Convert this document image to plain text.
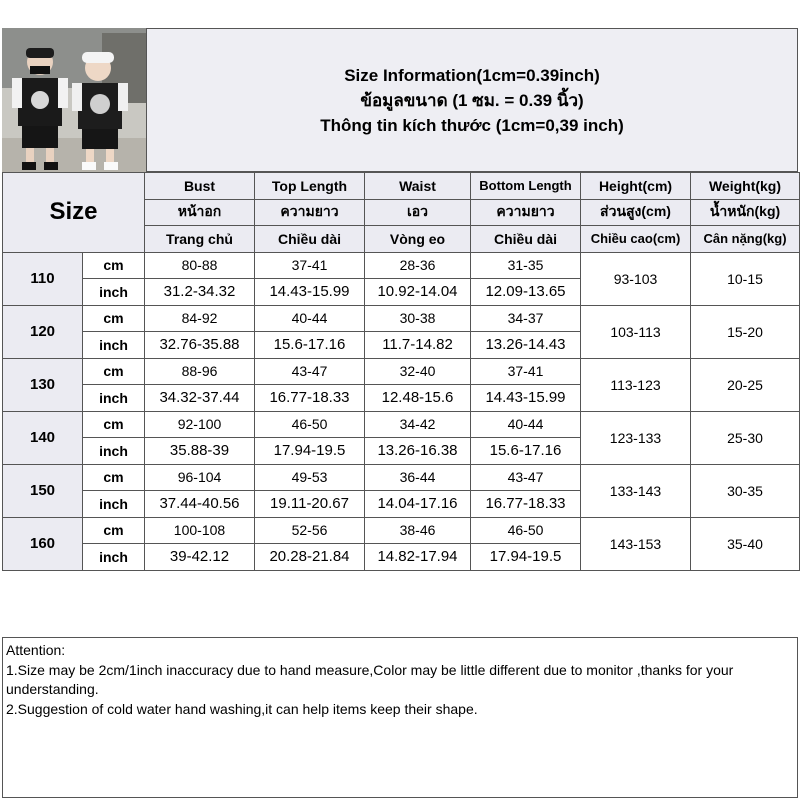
Size Information(1cm=0.39inch)
ข้อมูลขนาด (1 ซม. = 0.39 นิ้ว)
Thông tin kích thước (1cm=0,39 inch)
Size		Bust	Top Length	Waist	Bottom Length	Height(cm)	Weight(kg)
		หน้าอก	ความยาว	เอว	ความยาว	ส่วนสูง(cm)	น้ำหนัก(kg)
		Trang chủ	Chiều dài	Vòng eo	Chiều dài	Chiều cao(cm)	Cân nặng(kg)
110	cm	80-88	37-41	28-36	31-35	93-103	10-15
	inch	31.2-34.32	14.43-15.99	10.92-14.04	12.09-13.65		
120	cm	84-92	40-44	30-38	34-37	103-113	15-20
	inch	32.76-35.88	15.6-17.16	11.7-14.82	13.26-14.43		
130	cm	88-96	43-47	32-40	37-41	113-123	20-25
	inch	34.32-37.44	16.77-18.33	12.48-15.6	14.43-15.99		
140	cm	92-100	46-50	34-42	40-44	123-133	25-30
	inch	35.88-39	17.94-19.5	13.26-16.38	15.6-17.16		
150	cm	96-104	49-53	36-44	43-47	133-143	30-35
	inch	37.44-40.56	19.11-20.67	14.04-17.16	16.77-18.33		
160	cm	100-108	52-56	38-46	46-50	143-153	35-40
	inch	39-42.12	20.28-21.84	14.82-17.94	17.94-19.5		
Attention:
1.Size may be 2cm/1inch inaccuracy due to hand measure,Color may be little different due to monitor ,thanks for your understanding.
2.Suggestion of cold water hand washing,it can help items keep their shape.
